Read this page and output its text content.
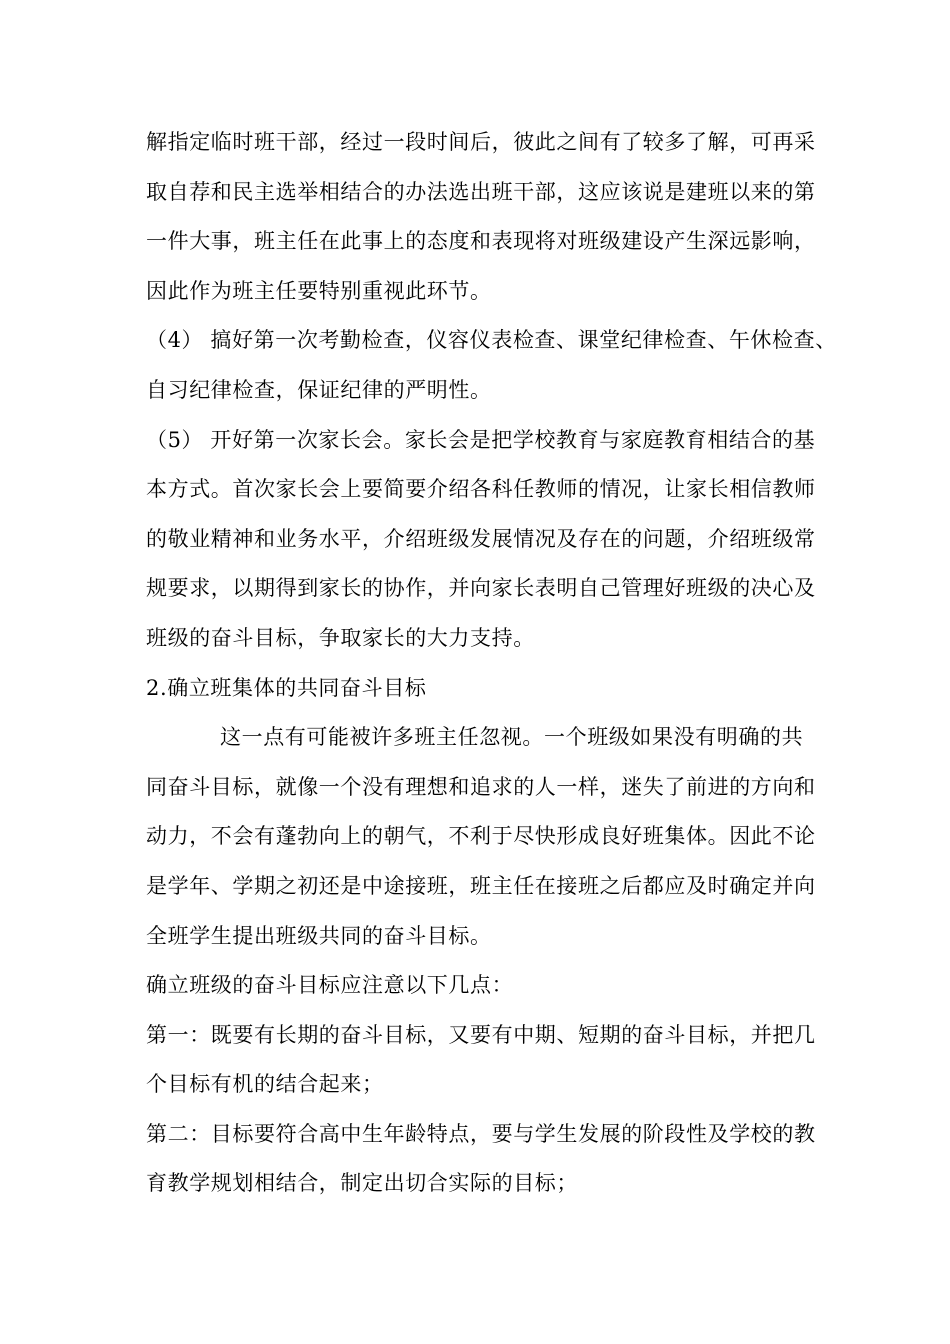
解指定临时班干部，经过一段时间后，彼此之间有了较多了解，可再采
取自荐和民主选举相结合的办法选出班干部，这应该说是建班以来的第
一件大事，班主任在此事上的态度和表现将对班级建设产生深远影响，
因此作为班主任要特别重视此环节。
（4） 搞好第一次考勤检查，仪容仪表检查、课堂纪律检查、午休检查、
自习纪律检查，保证纪律的严明性。
（5） 开好第一次家长会。家长会是把学校教育与家庭教育相结合的基
本方式。首次家长会上要简要介绍各科任教师的情况，让家长相信教师
的敬业精神和业务水平，介绍班级发展情况及存在的问题，介绍班级常
规要求，以期得到家长的协作，并向家长表明自己管理好班级的决心及
班级的奋斗目标，争取家长的大力支持。
2.确立班集体的共同奋斗目标
这一点有可能被许多班主任忽视。一个班级如果没有明确的共
同奋斗目标，就像一个没有理想和追求的人一样，迷失了前进的方向和
动力，不会有蓬勃向上的朝气，不利于尽快形成良好班集体。因此不论
是学年、学期之初还是中途接班，班主任在接班之后都应及时确定并向
全班学生提出班级共同的奋斗目标。
确立班级的奋斗目标应注意以下几点：
第一：既要有长期的奋斗目标，又要有中期、短期的奋斗目标，并把几
个目标有机的结合起来；
第二：目标要符合高中生年龄特点，要与学生发展的阶段性及学校的教
育教学规划相结合，制定出切合实际的目标；
